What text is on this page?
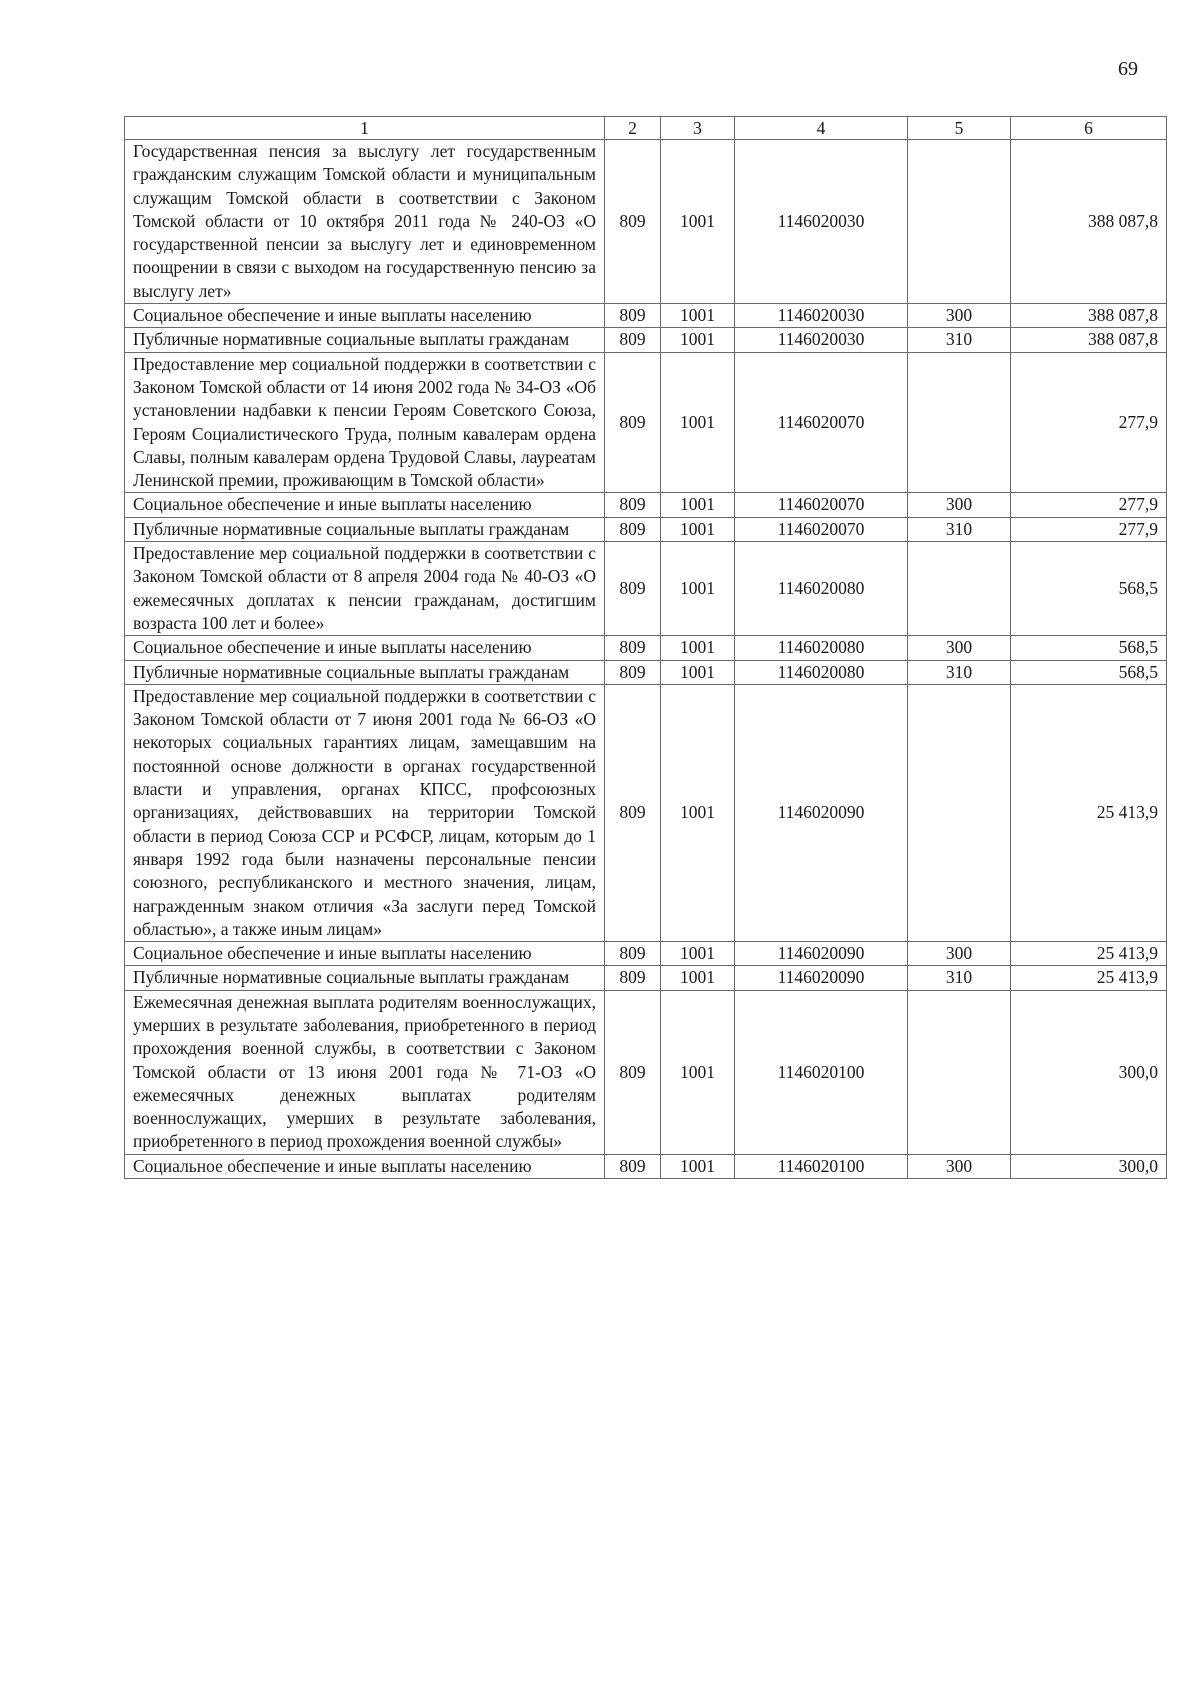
69
1	2	3	4	5	6
Государственная пенсия за выслугу лет государственным гражданским служащим Томской области и муниципальным служащим Томской области в соответствии с Законом Томской области от 10 октября 2011 года № 240-ОЗ «О государственной пенсии за выслугу лет и единовременном поощрении в связи с выходом на государственную пенсию за выслугу лет»	809	1001	1146020030		388 087,8
Социальное обеспечение и иные выплаты населению	809	1001	1146020030	300	388 087,8
Публичные нормативные социальные выплаты гражданам	809	1001	1146020030	310	388 087,8
Предоставление мер социальной поддержки в соответствии с Законом Томской области от 14 июня 2002 года № 34-ОЗ «Об установлении надбавки к пенсии Героям Советского Союза, Героям Социалистического Труда, полным кавалерам ордена Славы, полным кавалерам ордена Трудовой Славы, лауреатам Ленинской премии, проживающим в Томской области»	809	1001	1146020070		277,9
Социальное обеспечение и иные выплаты населению	809	1001	1146020070	300	277,9
Публичные нормативные социальные выплаты гражданам	809	1001	1146020070	310	277,9
Предоставление мер социальной поддержки в соответствии с Законом Томской области от 8 апреля 2004 года № 40-ОЗ «О ежемесячных доплатах к пенсии гражданам, достигшим возраста 100 лет и более»	809	1001	1146020080		568,5
Социальное обеспечение и иные выплаты населению	809	1001	1146020080	300	568,5
Публичные нормативные социальные выплаты гражданам	809	1001	1146020080	310	568,5
Предоставление мер социальной поддержки в соответствии с Законом Томской области от 7 июня 2001 года № 66-ОЗ «О некоторых социальных гарантиях лицам, замещавшим на постоянной основе должности в органах государственной власти и управления, органах КПСС, профсоюзных организациях, действовавших на территории Томской области в период Союза ССР и РСФСР, лицам, которым до 1 января 1992 года были назначены персональные пенсии союзного, республиканского и местного значения, лицам, награжденным знаком отличия «За заслуги перед Томской областью», а также иным лицам»	809	1001	1146020090		25 413,9
Социальное обеспечение и иные выплаты населению	809	1001	1146020090	300	25 413,9
Публичные нормативные социальные выплаты гражданам	809	1001	1146020090	310	25 413,9
Ежемесячная денежная выплата родителям военнослужащих, умерших в результате заболевания, приобретенного в период прохождения военной службы, в соответствии с Законом Томской области от 13 июня 2001 года № 71-ОЗ «О ежемесячных денежных выплатах родителям военнослужащих, умерших в результате заболевания, приобретенного в период прохождения военной службы»	809	1001	1146020100		300,0
Социальное обеспечение и иные выплаты населению	809	1001	1146020100	300	300,0
